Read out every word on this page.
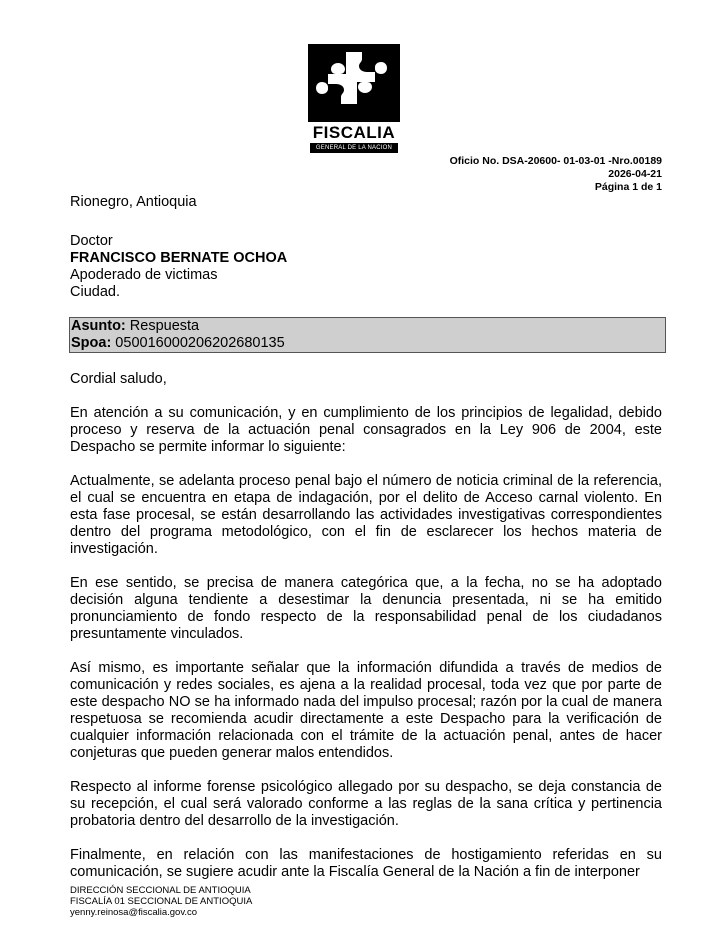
FISCALIA
GENERAL DE LA NACION
Oficio No. DSA-20600- 01-03-01 -Nro.00189
2026-04-21
Página 1 de 1
Rionegro, Antioquia
Doctor
FRANCISCO BERNATE OCHOA
Apoderado de victimas
Ciudad.
Asunto: Respuesta
Spoa: 050016000206202680135

Cordial saludo,

En atención a su comunicación, y en cumplimiento de los principios de legalidad, debido proceso y reserva de la actuación penal consagrados en la Ley 906 de 2004, este Despacho se permite informar lo siguiente:

Actualmente, se adelanta proceso penal bajo el número de noticia criminal de la referencia, el cual se encuentra en etapa de indagación, por el delito de Acceso carnal violento. En esta fase procesal, se están desarrollando las actividades investigativas correspondientes dentro del programa metodológico, con el fin de esclarecer los hechos materia de investigación.

En ese sentido, se precisa de manera categórica que, a la fecha, no se ha adoptado decisión alguna tendiente a desestimar la denuncia presentada, ni se ha emitido pronunciamiento de fondo respecto de la responsabilidad penal de los ciudadanos presuntamente vinculados.

Así mismo, es importante señalar que la información difundida a través de medios de comunicación y redes sociales, es ajena a la realidad procesal, toda vez que por parte de este despacho NO se ha informado nada del impulso procesal; razón por la cual de manera respetuosa se recomienda acudir directamente a este Despacho para la verificación de cualquier información relacionada con el trámite de la actuación penal, antes de hacer conjeturas que pueden generar malos entendidos.

Respecto al informe forense psicológico allegado por su despacho, se deja constancia de su recepción, el cual será valorado conforme a las reglas de la sana crítica y pertinencia probatoria dentro del desarrollo de la investigación.

Finalmente, en relación con las manifestaciones de hostigamiento referidas en su comunicación, se sugiere acudir ante la Fiscalía General de la Nación a fin de interponer

DIRECCIÓN SECCIONAL DE ANTIOQUIA
FISCALÍA 01 SECCIONAL DE ANTIOQUIA
yenny.reinosa@fiscalia.gov.co
